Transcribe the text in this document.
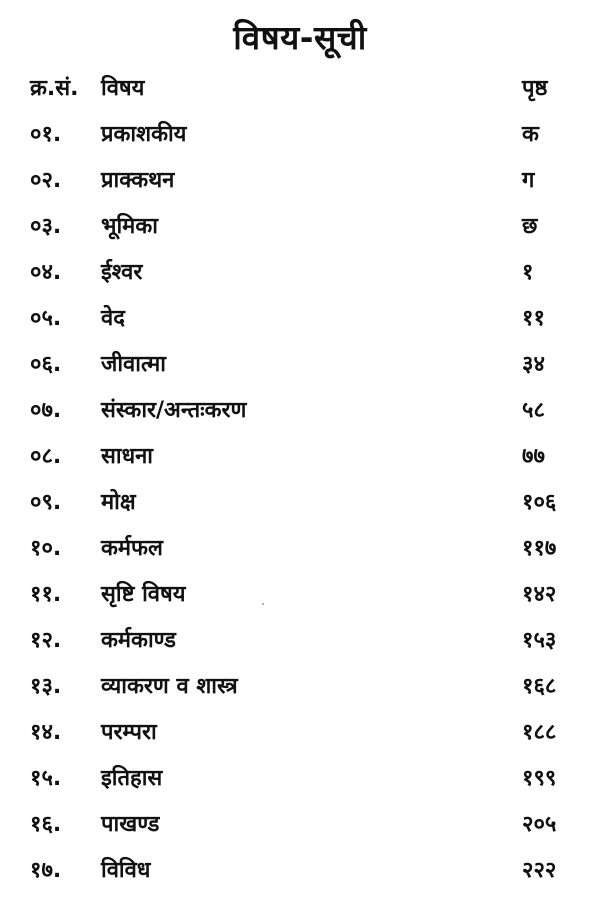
विषय-सूची
क्र.सं. विषय	पृष्ठ
०१. प्रकाशकीय	क
०२. प्राक्कथन	ग
०३. भूमिका	छ
०४. ईश्वर	१
०५. वेद	११
०६. जीवात्मा	३४
०७. संस्कार/अन्तःकरण	५८
०८. साधना	७७
०९. मोक्ष	१०६
१०. कर्मफल	११७
११. सृष्टि विषय	१४२
१२. कर्मकाण्ड	१५३
१३. व्याकरण व शास्त्र	१६८
१४. परम्परा	१८८
१५. इतिहास	१९९
१६. पाखण्ड	२०५
१७. विविध	२२२
